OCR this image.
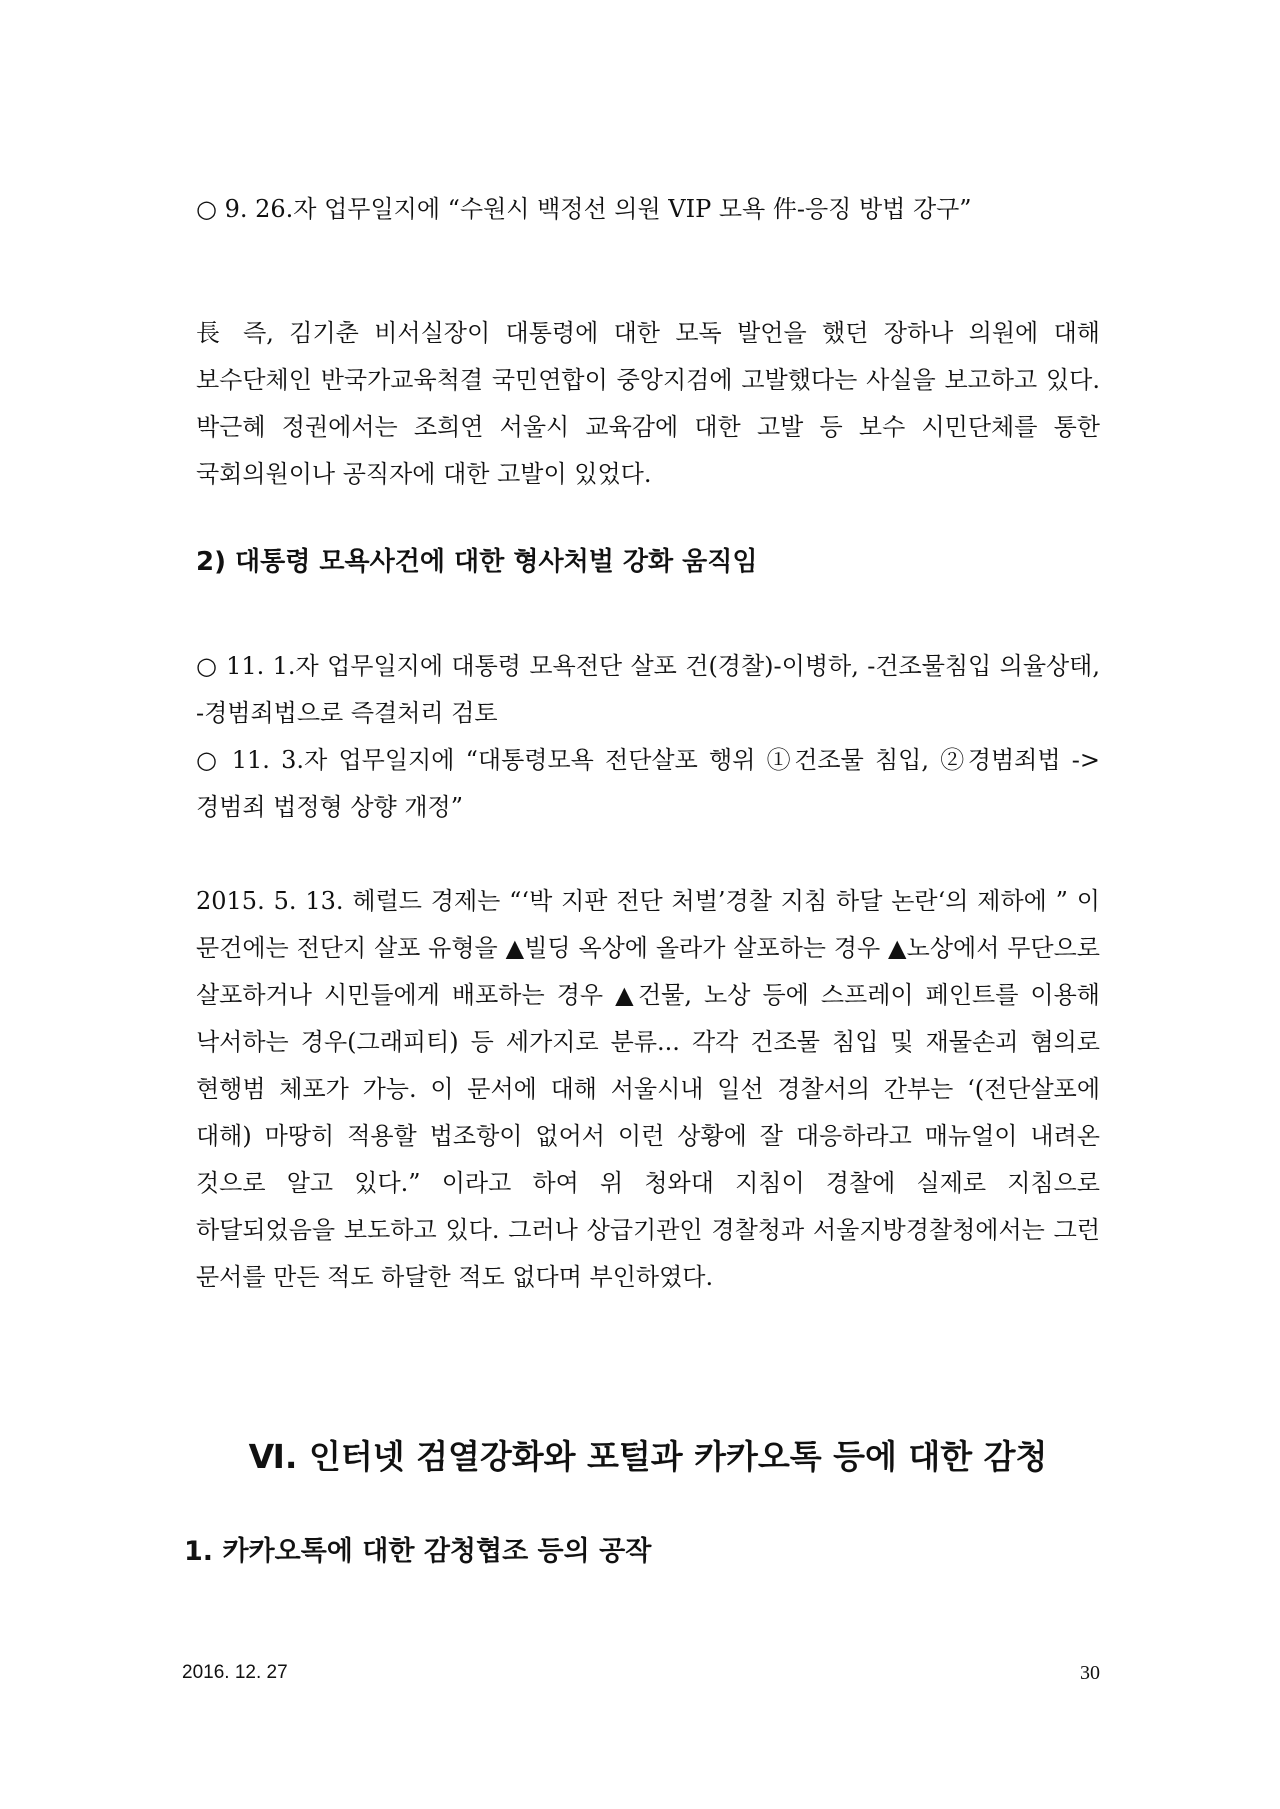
○ 9. 26.자 업무일지에 “수원시 백정선 의원 VIP 모욕 件-응징 방법 강구”

長 즉, 김기춘 비서실장이 대통령에 대한 모독 발언을 했던 장하나 의원에 대해 보수단체인 반국가교육척결 국민연합이 중앙지검에 고발했다는 사실을 보고하고 있다. 박근혜 정권에서는 조희연 서울시 교육감에 대한 고발 등 보수 시민단체를 통한 국회의원이나 공직자에 대한 고발이 있었다.

2) 대통령 모욕사건에 대한 형사처벌 강화 움직임

○ 11. 1.자 업무일지에 대통령 모욕전단 살포 건(경찰)-이병하, -건조물침입 의율상태, -경범죄법으로 즉결처리 검토

○ 11. 3.자 업무일지에 “대통령모욕 전단살포 행위 ①건조물 침입, ②경범죄법 -> 경범죄 법정형 상향 개정”

2015. 5. 13. 헤럴드 경제는 “‘박 지판 전단 처벌’경찰 지침 하달 논란‘의 제하에 ” 이 문건에는 전단지 살포 유형을 ▲빌딩 옥상에 올라가 살포하는 경우 ▲노상에서 무단으로 살포하거나 시민들에게 배포하는 경우 ▲건물, 노상 등에 스프레이 페인트를 이용해 낙서하는 경우(그래피티) 등 세가지로 분류... 각각 건조물 침입 및 재물손괴 혐의로 현행범 체포가 가능. 이 문서에 대해 서울시내 일선 경찰서의 간부는 ‘(전단살포에 대해) 마땅히 적용할 법조항이 없어서 이런 상황에 잘 대응하라고 매뉴얼이 내려온 것으로 알고 있다.” 이라고 하여 위 청와대 지침이 경찰에 실제로 지침으로 하달되었음을 보도하고 있다. 그러나 상급기관인 경찰청과 서울지방경찰청에서는 그런 문서를 만든 적도 하달한 적도 없다며 부인하였다.

Ⅵ. 인터넷 검열강화와 포털과 카카오톡 등에 대한 감청
1. 카카오톡에 대한 감청협조 등의 공작
2016. 12. 27	30
